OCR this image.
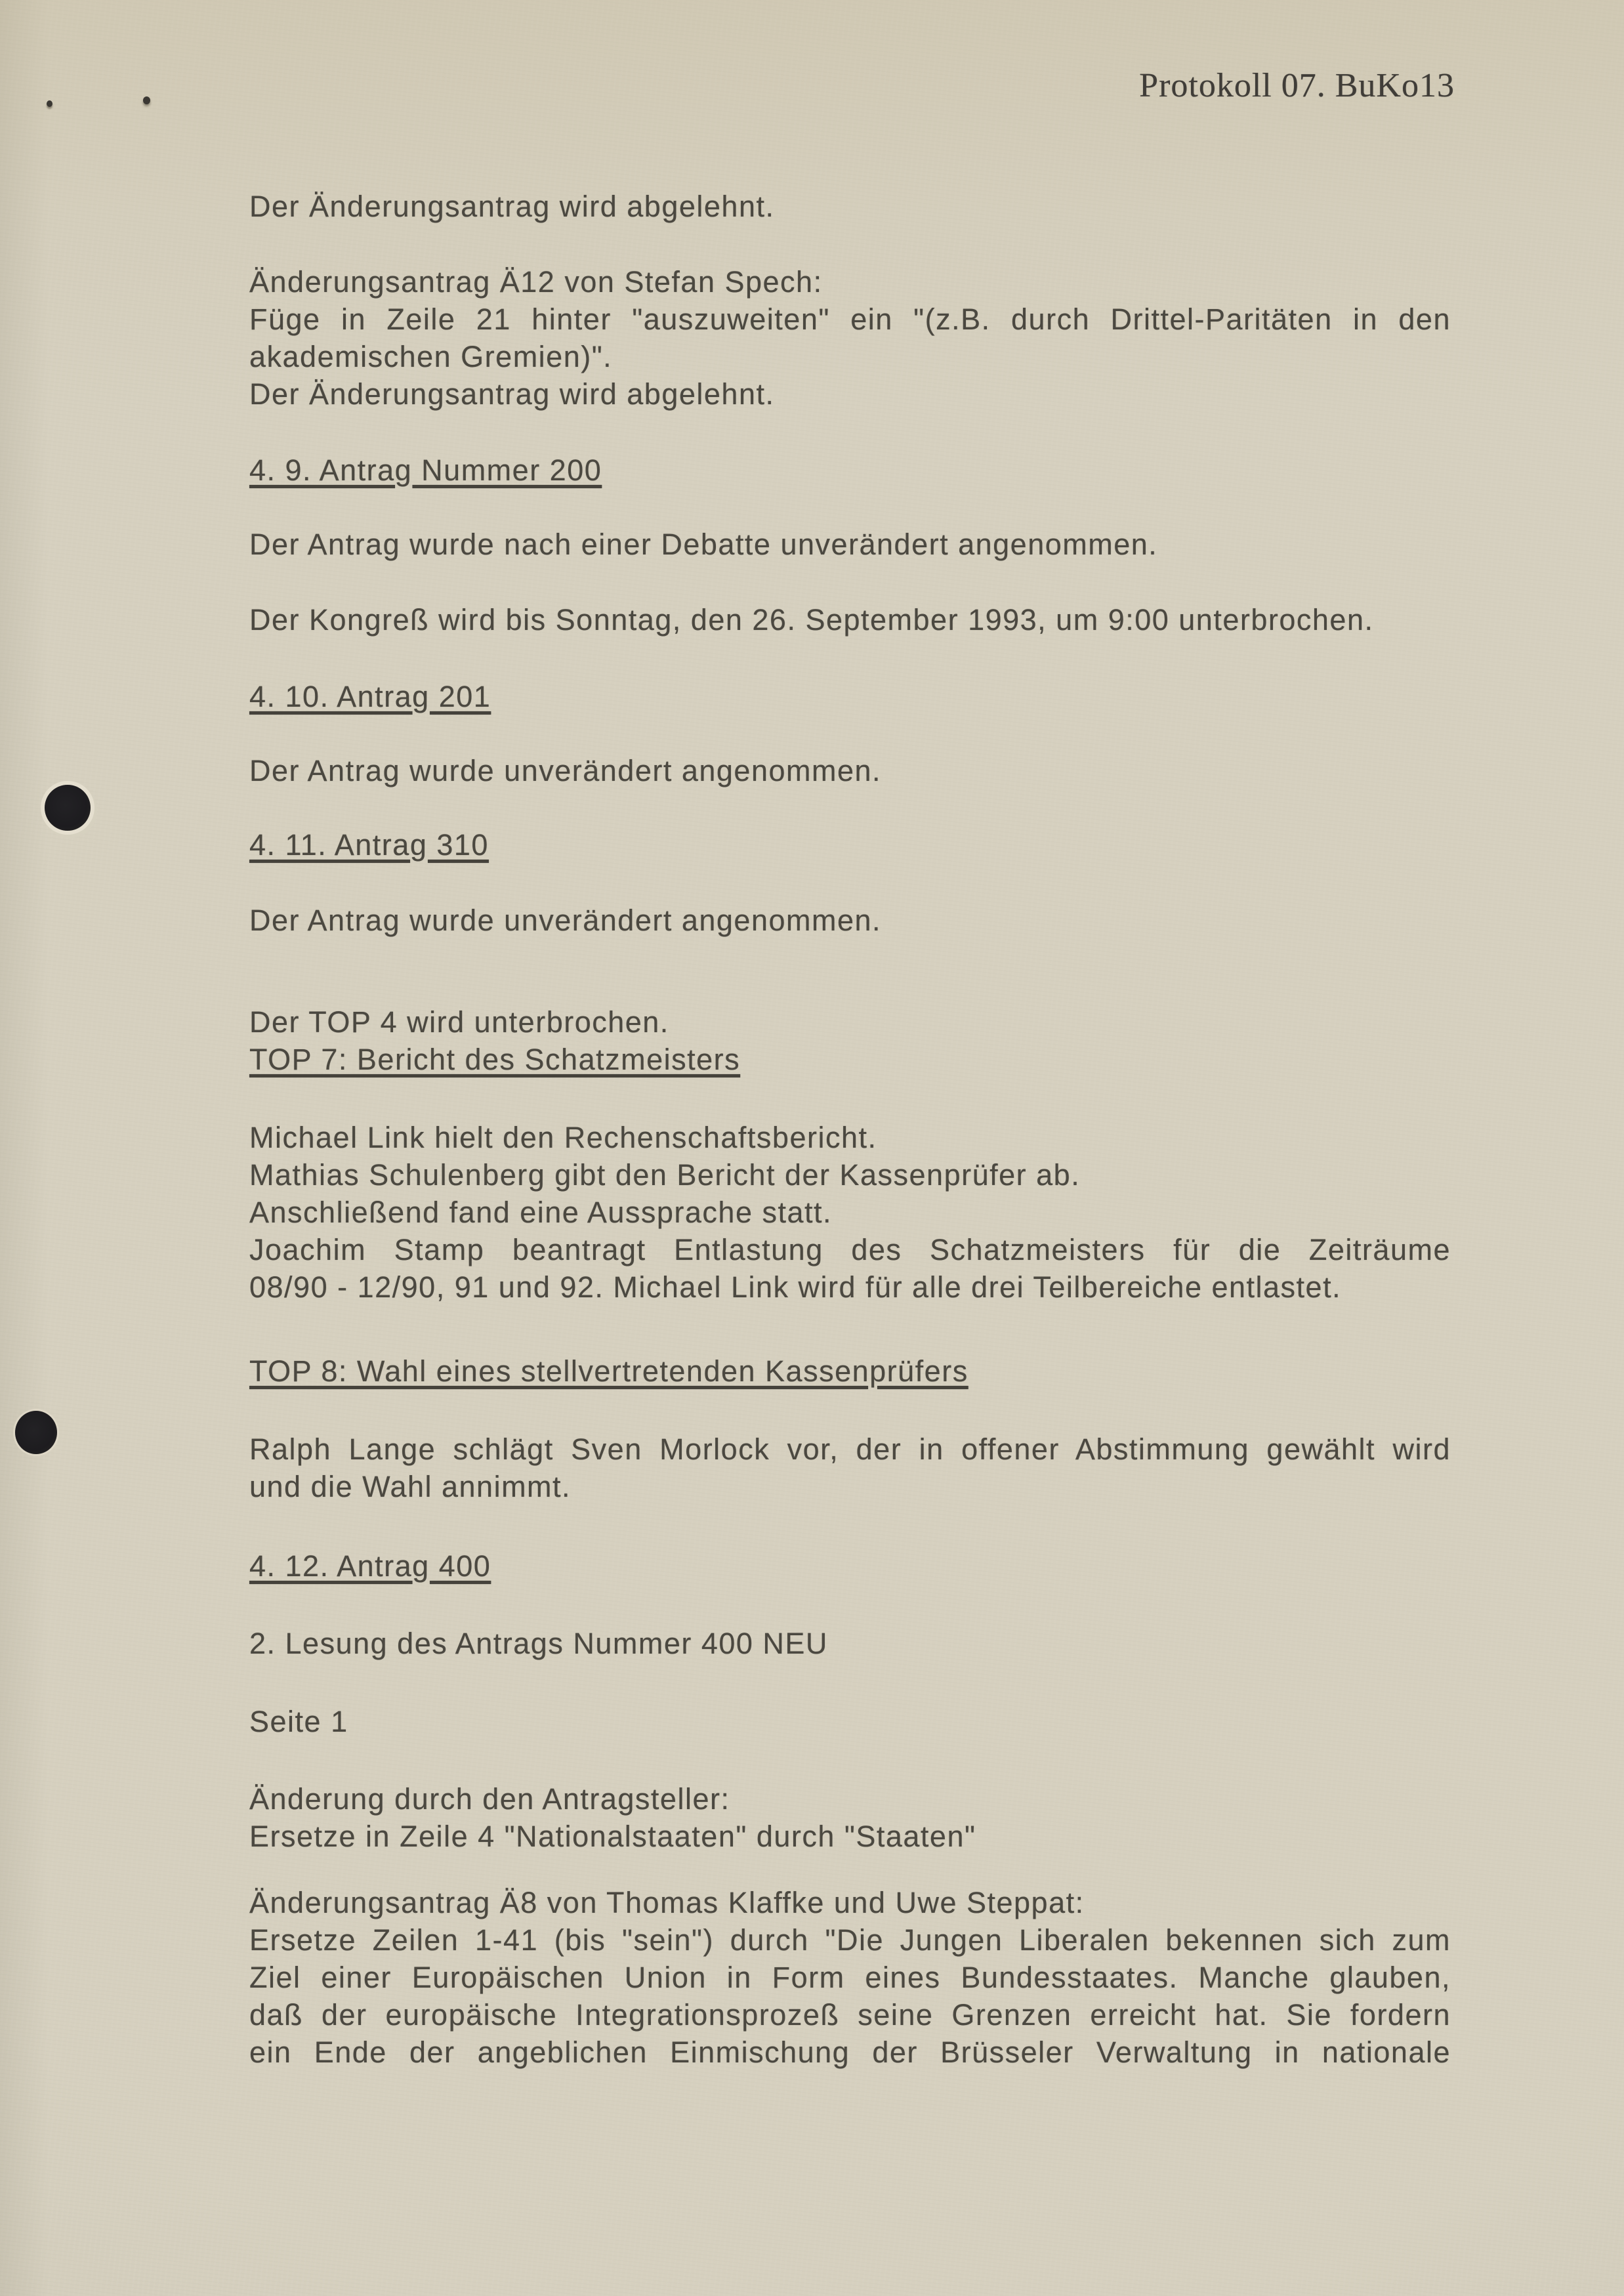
Protokoll 07. BuKo13
Der Änderungsantrag wird abgelehnt.
Änderungsantrag Ä12 von Stefan Spech:
Füge in Zeile 21 hinter "auszuweiten" ein "(z.B. durch Drittel-Paritäten in den
akademischen Gremien)".
Der Änderungsantrag wird abgelehnt.
4. 9. Antrag Nummer 200
Der Antrag wurde nach einer Debatte unverändert angenommen.
Der Kongreß wird bis Sonntag, den 26. September 1993, um 9:00 unterbrochen.
4. 10. Antrag 201
Der Antrag wurde unverändert angenommen.
4. 11. Antrag 310
Der Antrag wurde unverändert angenommen.
Der TOP 4 wird unterbrochen.
TOP 7: Bericht des Schatzmeisters
Michael Link hielt den Rechenschaftsbericht.
Mathias Schulenberg gibt den Bericht der Kassenprüfer ab.
Anschließend fand eine Aussprache statt.
Joachim Stamp beantragt Entlastung des Schatzmeisters für die Zeiträume
08/90 - 12/90, 91 und 92. Michael Link wird für alle drei Teilbereiche entlastet.
TOP 8: Wahl eines stellvertretenden Kassenprüfers
Ralph Lange schlägt Sven Morlock vor, der in offener Abstimmung gewählt wird
und die Wahl annimmt.
4. 12. Antrag 400
2. Lesung des Antrags Nummer 400 NEU
Seite 1
Änderung durch den Antragsteller:
Ersetze in Zeile 4 "Nationalstaaten" durch "Staaten"
Änderungsantrag Ä8 von Thomas Klaffke und Uwe Steppat:
Ersetze Zeilen 1-41 (bis "sein") durch "Die Jungen Liberalen bekennen sich zum
Ziel einer Europäischen Union in Form eines Bundesstaates. Manche glauben,
daß der europäische Integrationsprozeß seine Grenzen erreicht hat. Sie fordern
ein Ende der angeblichen Einmischung der Brüsseler Verwaltung in nationale
